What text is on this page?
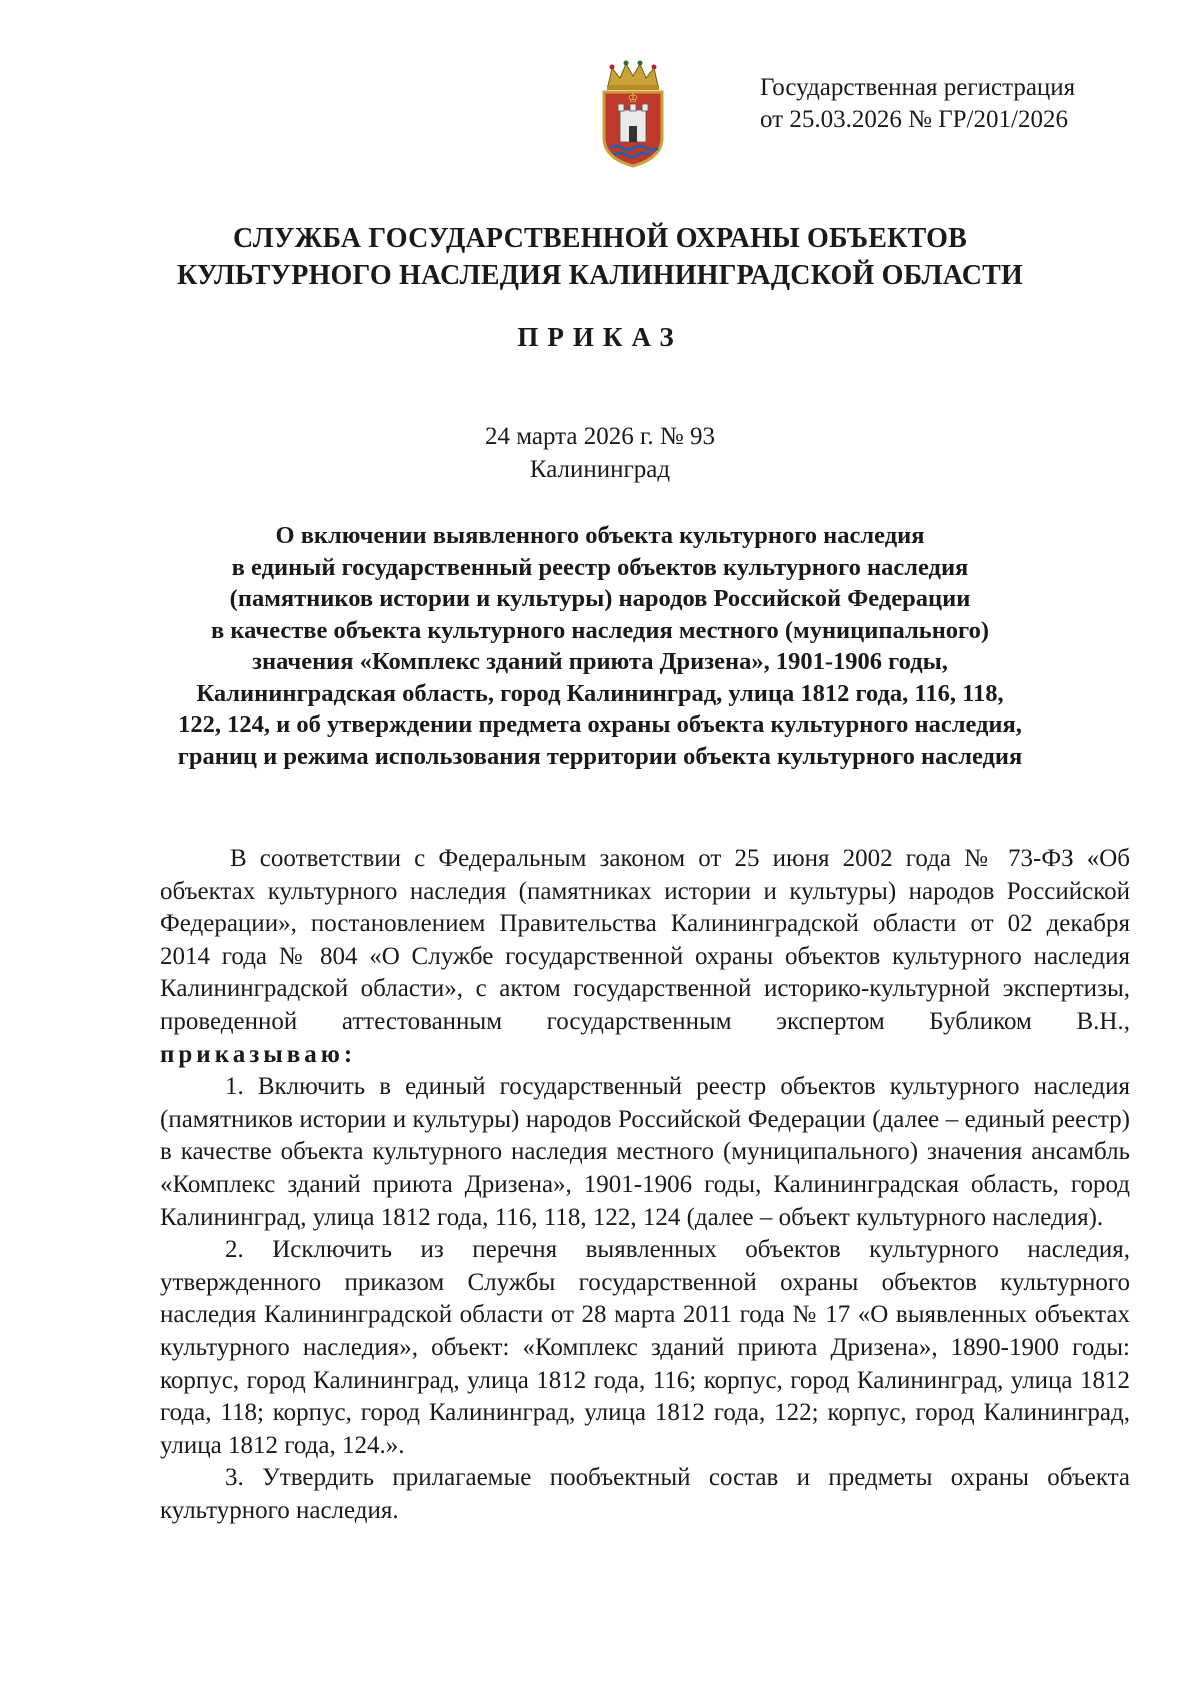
♔	Государственная регистрация
от 25.03.2026 № ГР/201/2026
СЛУЖБА ГОСУДАРСТВЕННОЙ ОХРАНЫ ОБЪЕКТОВ
КУЛЬТУРНОГО НАСЛЕДИЯ КАЛИНИНГРАДСКОЙ ОБЛАСТИ
ПРИКАЗ
24 марта 2026 г. № 93
Калининград
О включении выявленного объекта культурного наследия
в единый государственный реестр объектов культурного наследия
(памятников истории и культуры) народов Российской Федерации
в качестве объекта культурного наследия местного (муниципального)
значения «Комплекс зданий приюта Дризена», 1901-1906 годы,
Калининградская область, город Калининград, улица 1812 года, 116, 118,
122, 124, и об утверждении предмета охраны объекта культурного наследия,
границ и режима использования территории объекта культурного наследия

В соответствии с Федеральным законом от 25 июня 2002 года № 73-ФЗ «Об объектах культурного наследия (памятниках истории и культуры) народов Российской Федерации», постановлением Правительства Калининградской области от 02 декабря 2014 года № 804 «О Службе государственной охраны объектов культурного наследия Калининградской области», с актом государственной историко-культурной экспертизы, проведенной аттестованным государственным экспертом Бубликом В.Н., приказываю:

1. Включить в единый государственный реестр объектов культурного наследия (памятников истории и культуры) народов Российской Федерации (далее – единый реестр) в качестве объекта культурного наследия местного (муниципального) значения ансамбль «Комплекс зданий приюта Дризена», 1901-1906 годы, Калининградская область, город Калининград, улица 1812 года, 116, 118, 122, 124 (далее – объект культурного наследия).

2. Исключить из перечня выявленных объектов культурного наследия, утвержденного приказом Службы государственной охраны объектов культурного наследия Калининградской области от 28 марта 2011 года № 17 «О выявленных объектах культурного наследия», объект: «Комплекс зданий приюта Дризена», 1890-1900 годы: корпус, город Калининград, улица 1812 года, 116; корпус, город Калининград, улица 1812 года, 118; корпус, город Калининград, улица 1812 года, 122; корпус, город Калининград, улица 1812 года, 124.».

3. Утвердить прилагаемые пообъектный состав и предметы охраны объекта культурного наследия.
